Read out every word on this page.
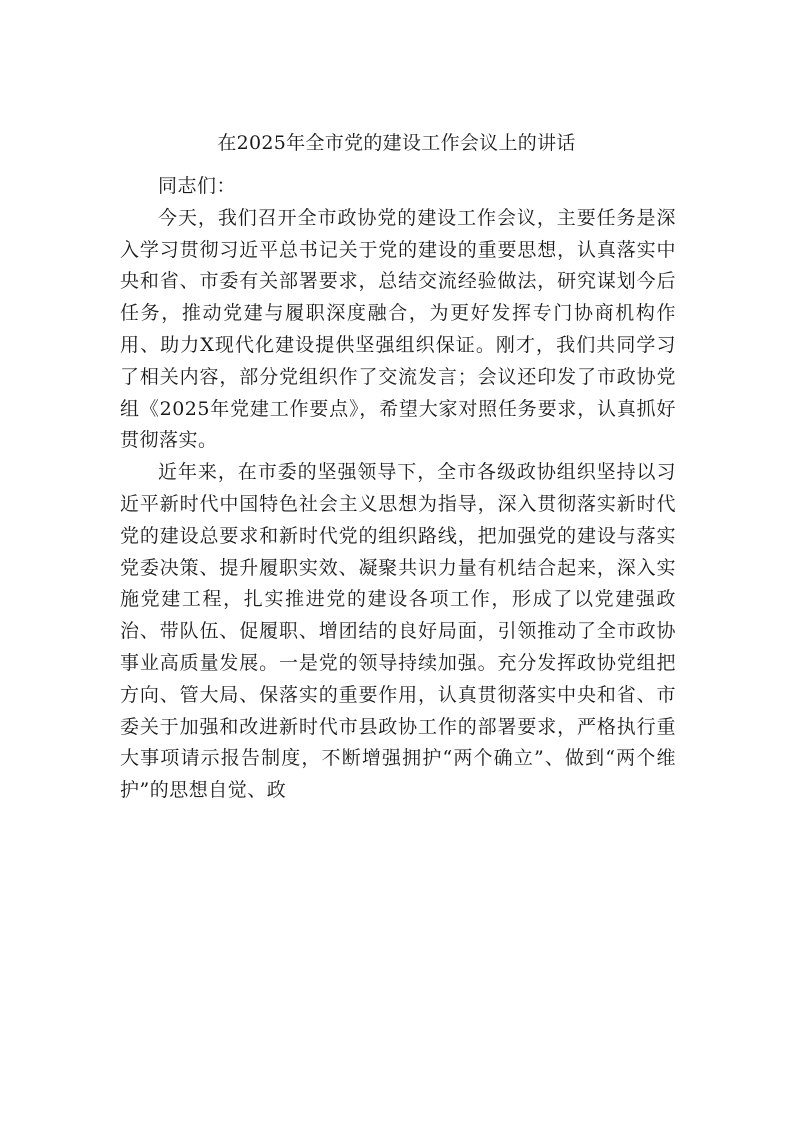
在2025年全市党的建设工作会议上的讲话

同志们：

今天，我们召开全市政协党的建设工作会议，主要任务是深入学习贯彻习近平总书记关于党的建设的重要思想，认真落实中央和省、市委有关部署要求，总结交流经验做法，研究谋划今后任务，推动党建与履职深度融合，为更好发挥专门协商机构作用、助力X现代化建设提供坚强组织保证。刚才，我们共同学习了相关内容，部分党组织作了交流发言；会议还印发了市政协党组《2025年党建工作要点》，希望大家对照任务要求，认真抓好贯彻落实。

近年来，在市委的坚强领导下，全市各级政协组织坚持以习近平新时代中国特色社会主义思想为指导，深入贯彻落实新时代党的建设总要求和新时代党的组织路线，把加强党的建设与落实党委决策、提升履职实效、凝聚共识力量有机结合起来，深入实施党建工程，扎实推进党的建设各项工作，形成了以党建强政治、带队伍、促履职、增团结的良好局面，引领推动了全市政协事业高质量发展。一是党的领导持续加强。充分发挥政协党组把方向、管大局、保落实的重要作用，认真贯彻落实中央和省、市委关于加强和改进新时代市县政协工作的部署要求，严格执行重大事项请示报告制度，不断增强拥护“两个确立”、做到“两个维护”的思想自觉、政
